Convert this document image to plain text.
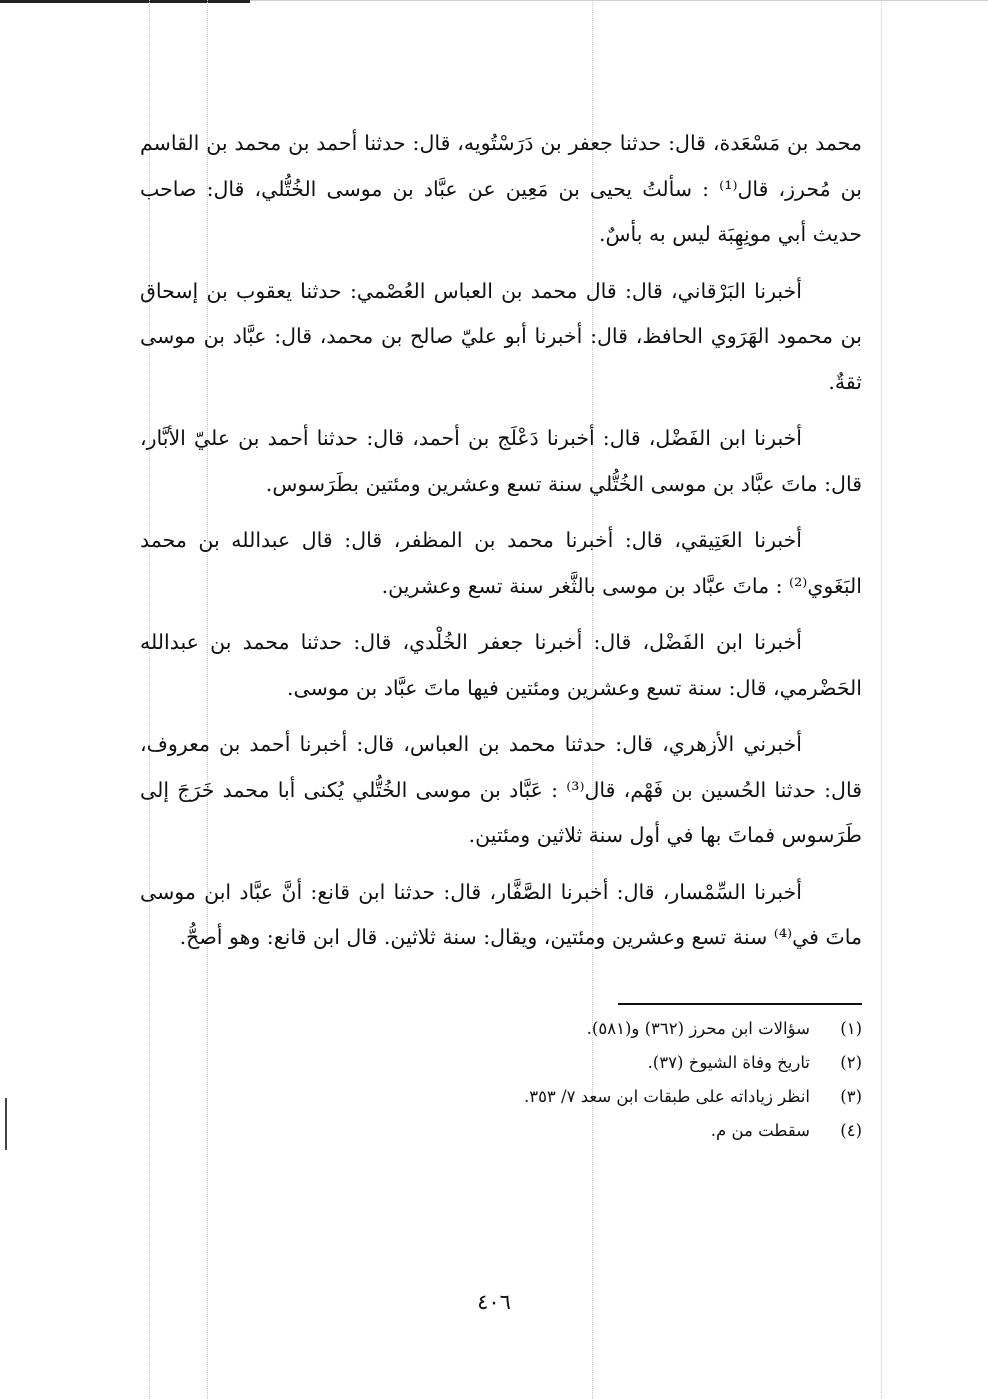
محمد بن مَسْعَدة، قال: حدثنا جعفر بن دَرَسْتُويه، قال: حدثنا أحمد بن محمد بن القاسم بن مُحرز، قال⁽¹⁾ : سألتُ يحيى بن مَعِين عن عبَّاد بن موسى الخُتُّلي، قال: صاحب حديث أبي مونِهِبَة ليس به بأسٌ.

أخبرنا البَرْقاني، قال: قال محمد بن العباس العُصْمي: حدثنا يعقوب بن إسحاق بن محمود الهَرَوي الحافظ، قال: أخبرنا أبو عليّ صالح بن محمد، قال: عبَّاد بن موسى ثقةٌ.

أخبرنا ابن الفَضْل، قال: أخبرنا دَعْلَج بن أحمد، قال: حدثنا أحمد بن عليّ الأبَّار، قال: ماتَ عبَّاد بن موسى الخُتُّلي سنة تسع وعشرين ومئتين بطَرَسوس.

أخبرنا العَتِيقي، قال: أخبرنا محمد بن المظفر، قال: قال عبدالله بن محمد البَغَوي⁽²⁾ : ماتَ عبَّاد بن موسى بالثَّغر سنة تسع وعشرين.

أخبرنا ابن الفَضْل، قال: أخبرنا جعفر الخُلْدي، قال: حدثنا محمد بن عبدالله الحَضْرمي، قال: سنة تسع وعشرين ومئتين فيها ماتَ عبَّاد بن موسى.

أخبرني الأزهري، قال: حدثنا محمد بن العباس، قال: أخبرنا أحمد بن معروف، قال: حدثنا الحُسين بن فَهْم، قال⁽³⁾ : عَبَّاد بن موسى الخُتُّلي يُكنى أبا محمد خَرَجَ إلى طَرَسوس فماتَ بها في أول سنة ثلاثين ومئتين.

أخبرنا السِّمْسار، قال: أخبرنا الصَّفَّار، قال: حدثنا ابن قانع: أنَّ عبَّاد ابن موسى ماتَ في⁽⁴⁾ سنة تسع وعشرين ومئتين، ويقال: سنة ثلاثين. قال ابن قانع: وهو أصحُّ.

(١)
سؤالات ابن محرز (٣٦٢) و(٥٨١).
(٢)
تاريخ وفاة الشيوخ (٣٧).
(٣)
انظر زياداته على طبقات ابن سعد ٧/ ٣٥٣.
(٤)
سقطت من م.
٤٠٦
